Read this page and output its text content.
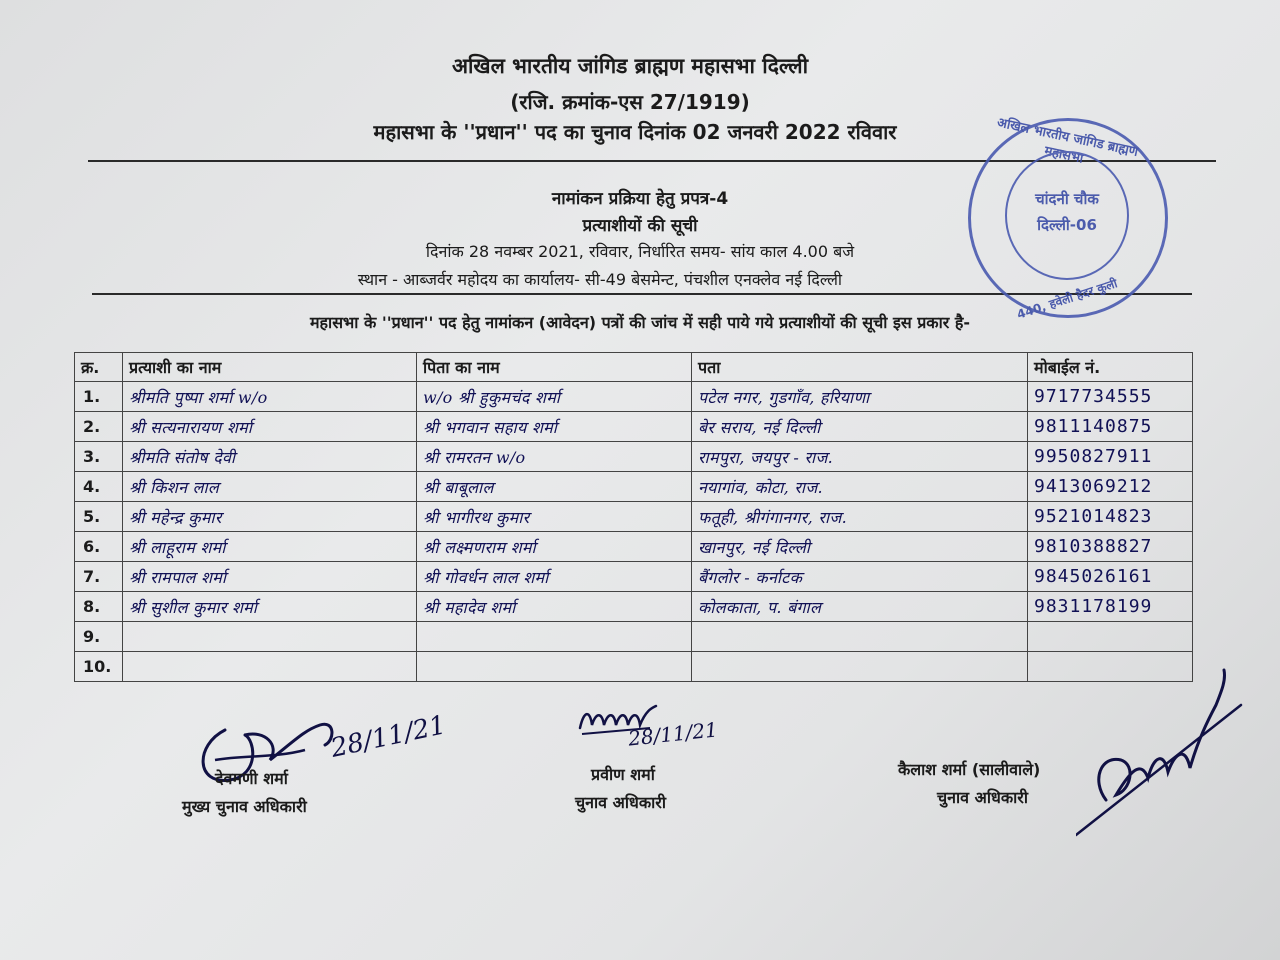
अखिल भारतीय जांगिड ब्राह्मण महासभा दिल्ली
(रजि. क्रमांक-एस 27/1919)
महासभा के ''प्रधान'' पद का चुनाव दिनांक 02 जनवरी 2022 रविवार
नामांकन प्रक्रिया हेतु प्रपत्र-4
प्रत्याशीयों की सूची
दिनांक 28 नवम्बर 2021, रविवार, निर्धारित समय- सांय काल 4.00 बजे
स्थान - आब्जर्वर महोदय का कार्यालय- सी-49 बेसमेन्ट, पंचशील एनक्लेव नई दिल्ली
महासभा के ''प्रधान'' पद हेतु नामांकन (आवेदन) पत्रों की जांच में सही पाये गये प्रत्याशीयों की सूची इस प्रकार है-
अखिल भारतीय जांगिड ब्राह्मण महासभा
चांदनी चौक
दिल्ली-06
440, हवेली हैदर कुली
क्र.	प्रत्याशी का नाम	पिता का नाम	पता	मोबाईल नं.
1.	श्रीमति पुष्पा शर्मा w/o	w/o श्री हुकुमचंद शर्मा	पटेल नगर, गुडगाँव, हरियाणा	9717734555
2.	श्री सत्यनारायण शर्मा	श्री भगवान सहाय शर्मा	बेर सराय, नई दिल्ली	9811140875
3.	श्रीमति संतोष देवी	श्री रामरतन w/o	रामपुरा, जयपुर - राज.	9950827911
4.	श्री किशन लाल	श्री बाबूलाल	नयागांव, कोटा, राज.	9413069212
5.	श्री महेन्द्र कुमार	श्री भागीरथ कुमार	फतूही, श्रीगंगानगर, राज.	9521014823
6.	श्री लाहूराम शर्मा	श्री लक्ष्मणराम शर्मा	खानपुर, नई दिल्ली	9810388827
7.	श्री रामपाल शर्मा	श्री गोवर्धन लाल शर्मा	बैंगलोर - कर्नाटक	9845026161
8.	श्री सुशील कुमार शर्मा	श्री महादेव शर्मा	कोलकाता, प. बंगाल	9831178199
9.				
10.				
28/11/21
देवमणी शर्मा
मुख्य चुनाव अधिकारी
28/11/21
प्रवीण शर्मा
चुनाव अधिकारी
कैलाश शर्मा (सालीवाले)
चुनाव अधिकारी
